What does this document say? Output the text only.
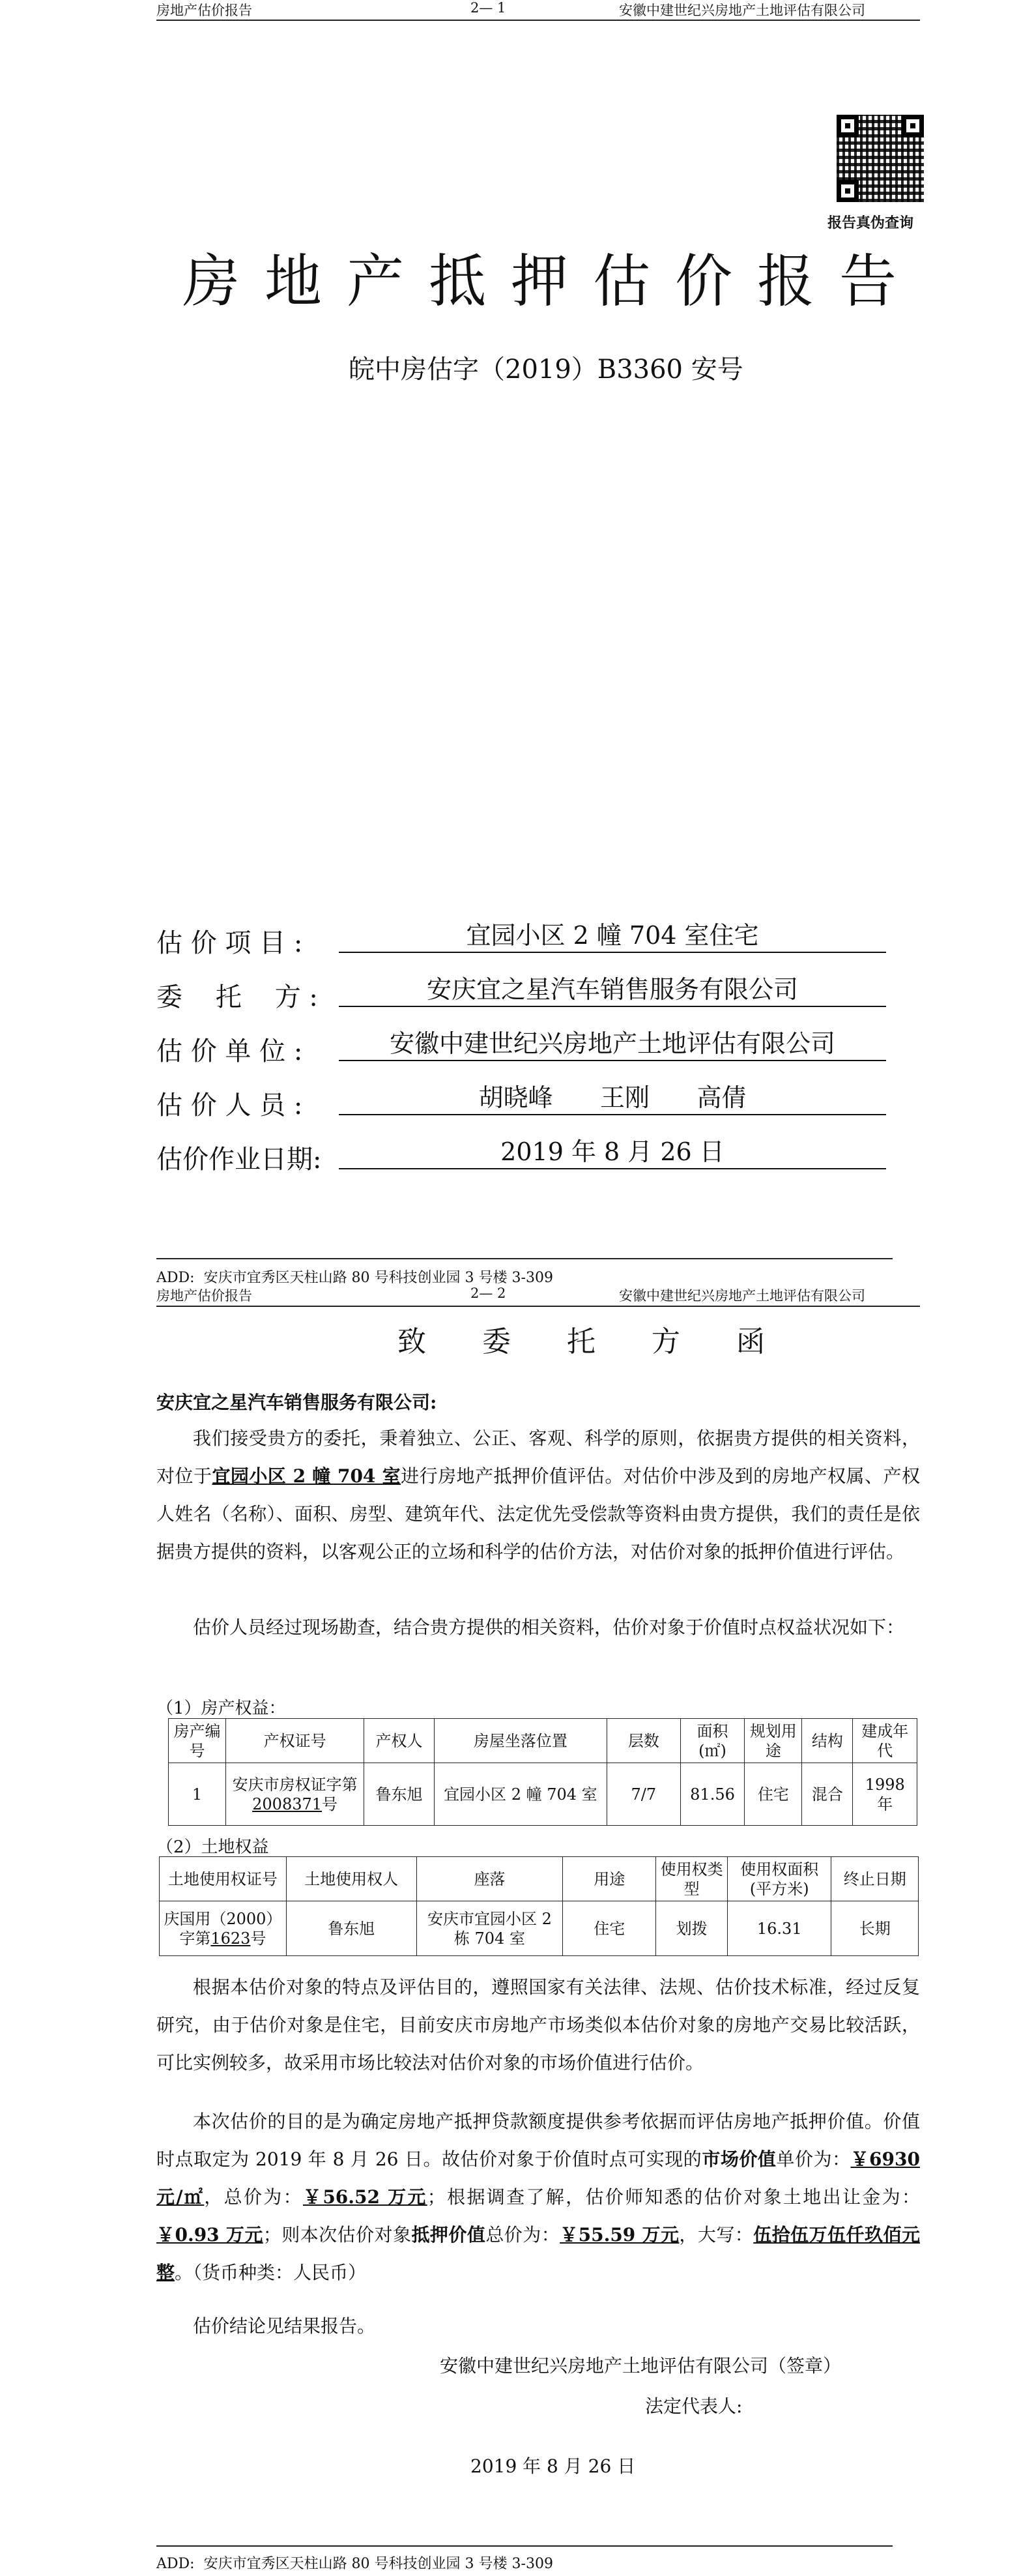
房地产估价报告	2— 1	安徽中建世纪兴房地产土地评估有限公司
报告真伪查询
房地产抵押估价报告
皖中房估字（2019）B3360 安号
估 价 项 目 :	宜园小区 2 幢 704 室住宅
委    托    方 :	安庆宜之星汽车销售服务有限公司
估 价 单 位 :	安徽中建世纪兴房地产土地评估有限公司
估 价 人 员 :	胡晓峰      王刚      高倩
估价作业日期:	2019 年 8 月 26 日
ADD:  安庆市宜秀区天柱山路 80 号科技创业园 3 号楼 3-309
房地产估价报告	2— 2	安徽中建世纪兴房地产土地评估有限公司
致 委 托 方 函
安庆宜之星汽车销售服务有限公司:
我们接受贵方的委托，秉着独立、公正、客观、科学的原则，依据贵方提供的相关资料，对位于宜园小区 2 幢 704 室进行房地产抵押价值评估。对估价中涉及到的房地产权属、产权人姓名（名称）、面积、房型、建筑年代、法定优先受偿款等资料由贵方提供，我们的责任是依据贵方提供的资料，以客观公正的立场和科学的估价方法，对估价对象的抵押价值进行评估。
估价人员经过现场勘查，结合贵方提供的相关资料，估价对象于价值时点权益状况如下：
（1）房产权益：
房产编号	产权证号	产权人	房屋坐落位置	层数	面积(㎡)	规划用途	结构	建成年代
1	安庆市房权证字第2008371号	鲁东旭	宜园小区 2 幢 704 室	7/7	81.56	住宅	混合	1998 年
（2）土地权益
土地使用权证号	土地使用权人	座落	用途	使用权类型	使用权面积(平方米)	终止日期
庆国用（2000）字第1623号	鲁东旭	安庆市宜园小区 2 栋 704 室	住宅	划拨	16.31	长期
根据本估价对象的特点及评估目的，遵照国家有关法律、法规、估价技术标准，经过反复研究，由于估价对象是住宅，目前安庆市房地产市场类似本估价对象的房地产交易比较活跃，可比实例较多，故采用市场比较法对估价对象的市场价值进行估价。
本次估价的目的是为确定房地产抵押贷款额度提供参考依据而评估房地产抵押价值。价值时点取定为 2019 年 8 月 26 日。故估价对象于价值时点可实现的市场价值单价为：￥6930 元/㎡，总价为：￥56.52 万元；根据调查了解，估价师知悉的估价对象土地出让金为：￥0.93 万元；则本次估价对象抵押价值总价为：￥55.59 万元，大写：伍拾伍万伍仟玖佰元整。（货币种类：人民币）
估价结论见结果报告。
安徽中建世纪兴房地产土地评估有限公司（签章）
法定代表人:
2019 年 8 月 26 日
ADD:  安庆市宜秀区天柱山路 80 号科技创业园 3 号楼 3-309
